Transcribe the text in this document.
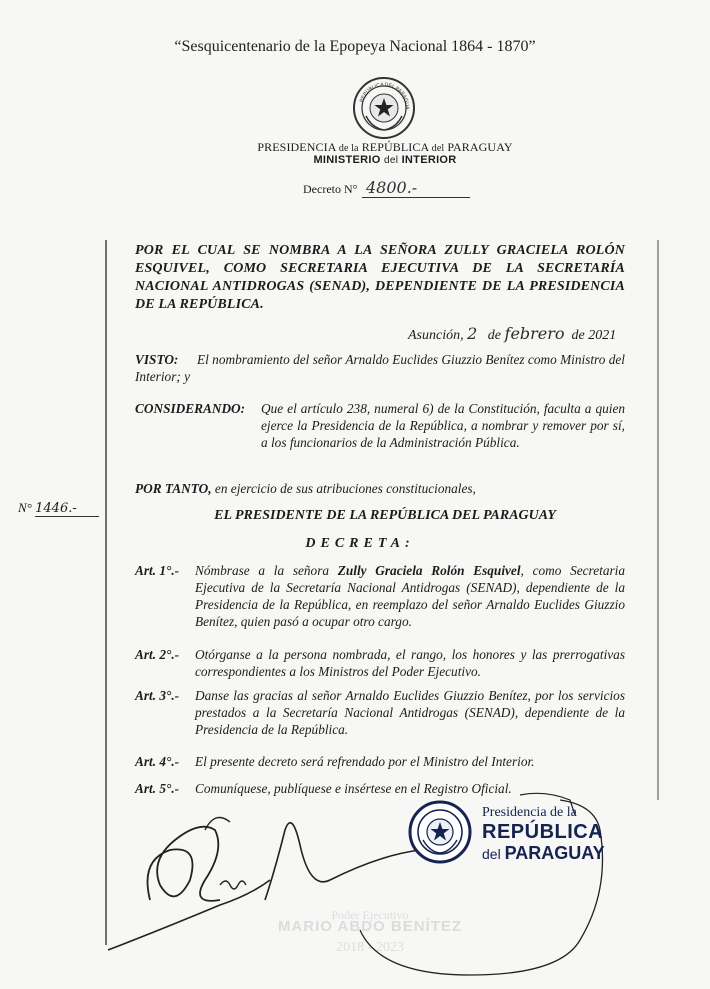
“Sesquicentenario de la Epopeya Nacional 1864 - 1870”
REPÚBLICA DEL PARAGUA
PRESIDENCIA de la REPÚBLICA del PARAGUAY
MINISTERIO del INTERIOR
Decreto N° 4800.-
POR EL CUAL SE NOMBRA A LA SEÑORA ZULLY GRACIELA ROLÓN ESQUIVEL, COMO SECRETARIA EJECUTIVA DE LA SECRETARÍA NACIONAL ANTIDROGAS (SENAD), DEPENDIENTE DE LA PRESIDENCIA DE LA REPÚBLICA.
Asunción, 2 de febrero de 2021
VISTO:	El nombramiento del señor Arnaldo Euclides Giuzzio Benítez como Ministro del Interior; y
CONSIDERANDO: Que el artículo 238, numeral 6) de la Constitución, faculta a quien ejerce la Presidencia de la República, a nombrar y remover por sí, a los funcionarios de la Administración Pública.
POR TANTO, en ejercicio de sus atribuciones constitucionales,
N° 1446.-	EL PRESIDENTE DE LA REPÚBLICA DEL PARAGUAY
DECRETA:
Art. 1°.- Nómbrase a la señora Zully Graciela Rolón Esquivel, como Secretaria Ejecutiva de la Secretaría Nacional Antidrogas (SENAD), dependiente de la Presidencia de la República, en reemplazo del señor Arnaldo Euclides Giuzzio Benítez, quien pasó a ocupar otro cargo.
Art. 2°.- Otórganse a la persona nombrada, el rango, los honores y las prerrogativas correspondientes a los Ministros del Poder Ejecutivo.
Art. 3°.- Danse las gracias al señor Arnaldo Euclides Giuzzio Benítez, por los servicios prestados a la Secretaría Nacional Antidrogas (SENAD), dependiente de la Presidencia de la República.
Art. 4°.- El presente decreto será refrendado por el Ministro del Interior.
Art. 5°.- Comuníquese, publíquese e insértese en el Registro Oficial.
Poder Ejecutivo
MARIO ABDO BENÍTEZ
2018 - 2023
Presidencia de la
REPÚBLICA
del PARAGUAY
